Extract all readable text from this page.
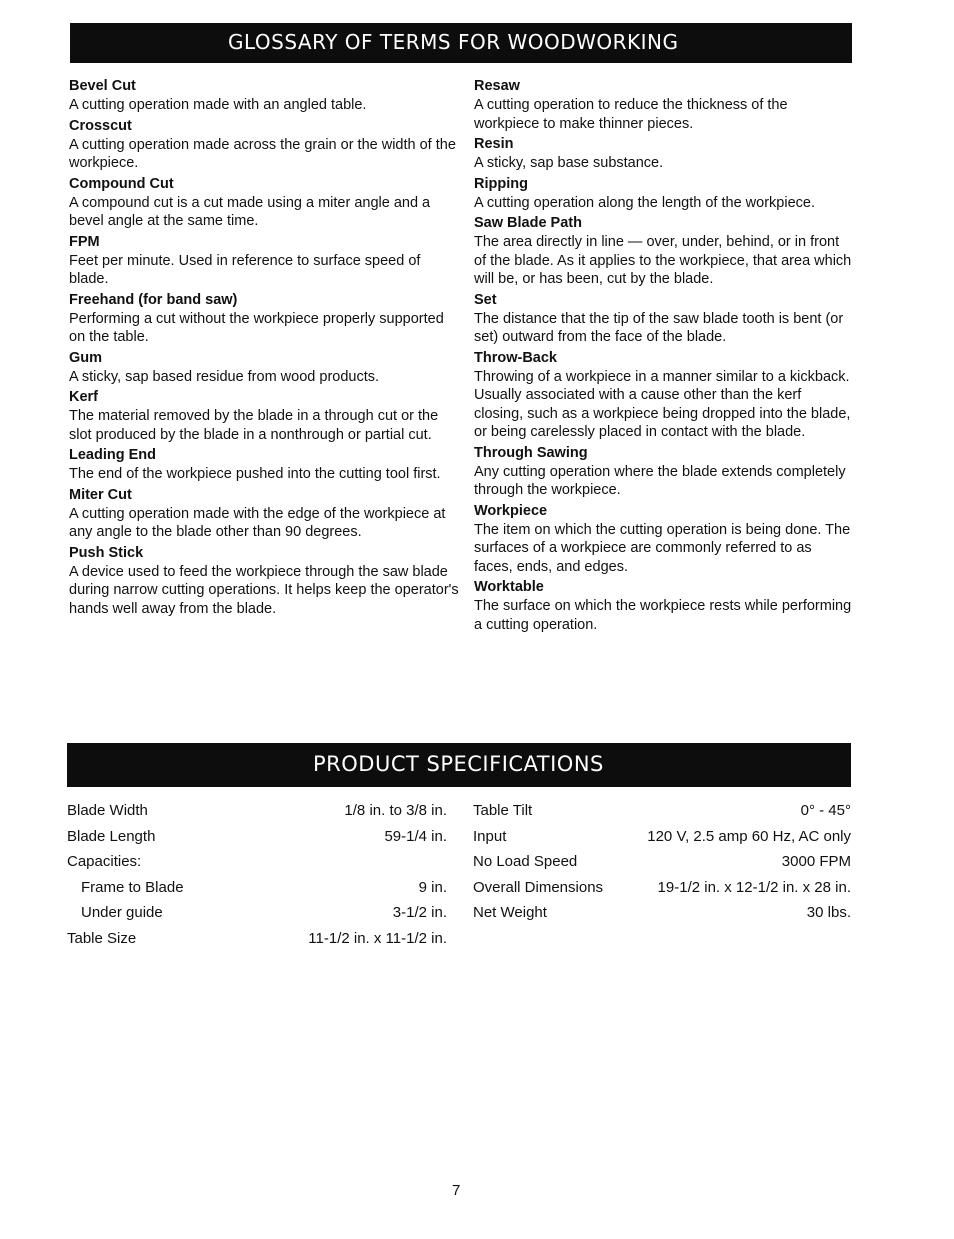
GLOSSARY OF TERMS FOR WOODWORKING

Bevel Cut

A cutting operation made with an angled table.

Crosscut

A cutting operation made across the grain or the width of the workpiece.

Compound Cut

A compound cut is a cut made using a miter angle and a bevel angle at the same time.

FPM

Feet per minute. Used in reference to surface speed of blade.

Freehand (for band saw)

Performing a cut without the workpiece properly supported on the table.

Gum

A sticky, sap based residue from wood products.

Kerf

The material removed by the blade in a through cut or the slot produced by the blade in a nonthrough or partial cut.

Leading End

The end of the workpiece pushed into the cutting tool first.

Miter Cut

A cutting operation made with the edge of the workpiece at any angle to the blade other than 90 degrees.

Push Stick

A device used to feed the workpiece through the saw blade during narrow cutting operations. It helps keep the operator's hands well away from the blade.

Resaw

A cutting operation to reduce the thickness of the workpiece to make thinner pieces.

Resin

A sticky, sap base substance.

Ripping

A cutting operation along the length of the workpiece.

Saw Blade Path

The area directly in line — over, under, behind, or in front of the blade. As it applies to the workpiece, that area which will be, or has been, cut by the blade.

Set

The distance that the tip of the saw blade tooth is bent (or set) outward from the face of the blade.

Throw-Back

Throwing of a workpiece in a manner similar to a kickback. Usually associated with a cause other than the kerf closing, such as a workpiece being dropped into the blade, or being carelessly placed in contact with the blade.

Through Sawing

Any cutting operation where the blade extends completely through the workpiece.

Workpiece

The item on which the cutting operation is being done. The surfaces of a workpiece are commonly referred to as faces, ends, and edges.

Worktable

The surface on which the workpiece rests while performing a cutting operation.

PRODUCT SPECIFICATIONS
Blade Width	1/8 in. to 3/8 in.
Blade Length	59-1/4 in.
Capacities:
Frame to Blade	9 in.
Under guide	3-1/2 in.
Table Size	11-1/2 in. x 11-1/2 in.
Table Tilt	0° - 45°
Input	120 V, 2.5 amp 60 Hz, AC only
No Load Speed	3000 FPM
Overall Dimensions	19-1/2 in. x 12-1/2 in. x 28 in.
Net Weight	30 lbs.
7
